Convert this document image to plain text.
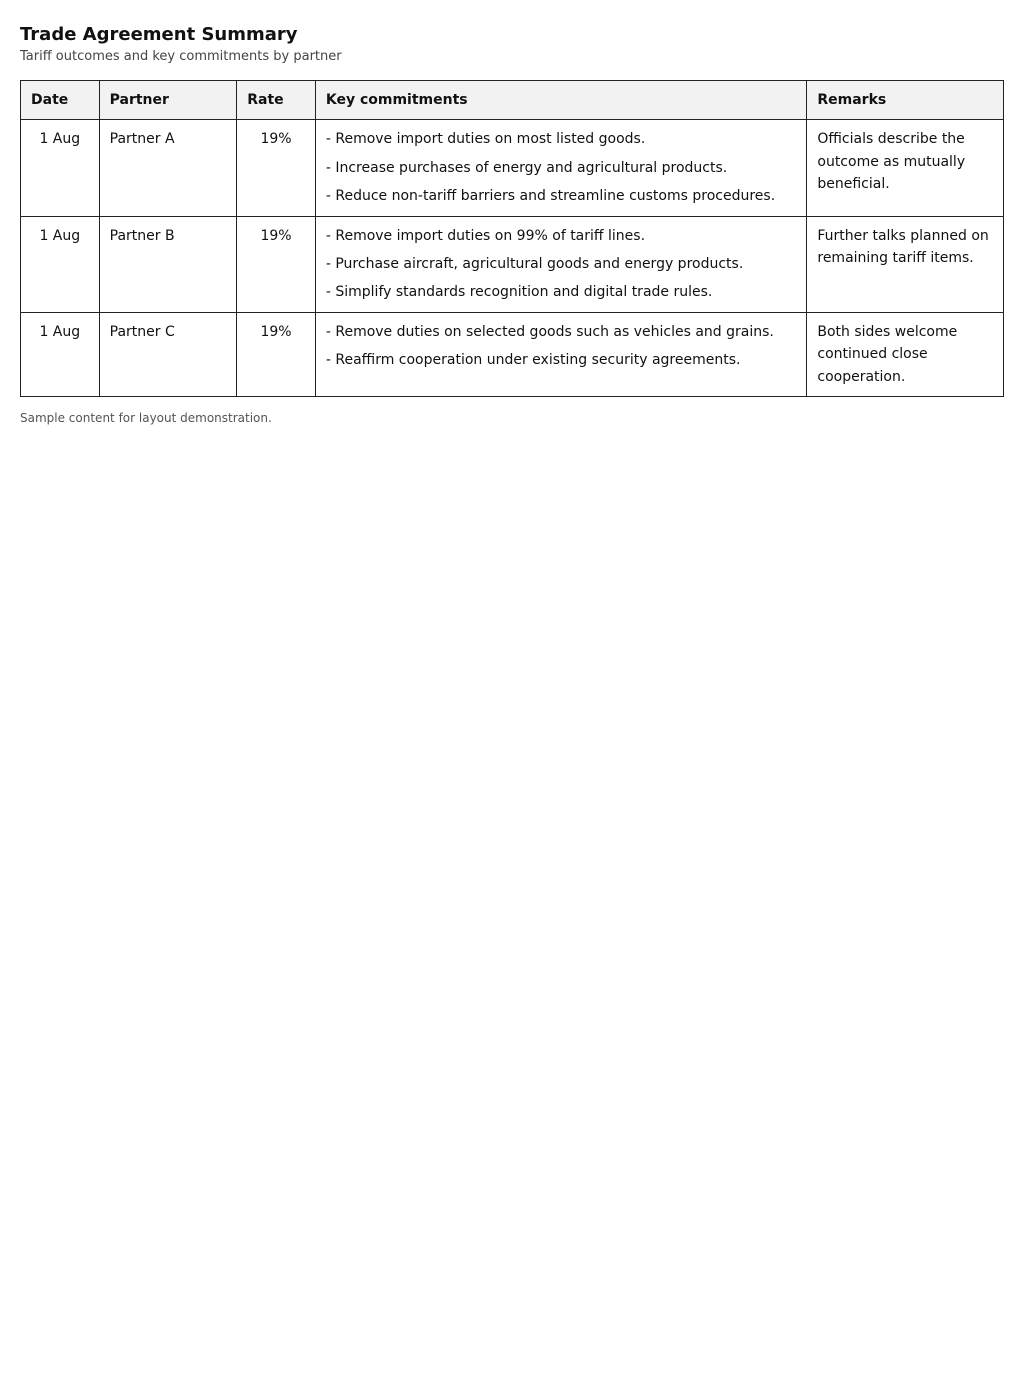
Trade Agreement Summary

Tariff outcomes and key commitments by partner

Date	Partner	Rate	Key commitments	Remarks
1 Aug	Partner A	19%	- Remove import duties on most listed goods.

- Increase purchases of energy and agricultural products.

- Reduce non-tariff barriers and streamline customs procedures.	Officials describe the outcome as mutually beneficial.
1 Aug	Partner B	19%	- Remove import duties on 99% of tariff lines.

- Purchase aircraft, agricultural goods and energy products.

- Simplify standards recognition and digital trade rules.	Further talks planned on remaining tariff items.
1 Aug	Partner C	19%	- Remove duties on selected goods such as vehicles and grains.

- Reaffirm cooperation under existing security agreements.	Both sides welcome continued close cooperation.

Sample content for layout demonstration.
